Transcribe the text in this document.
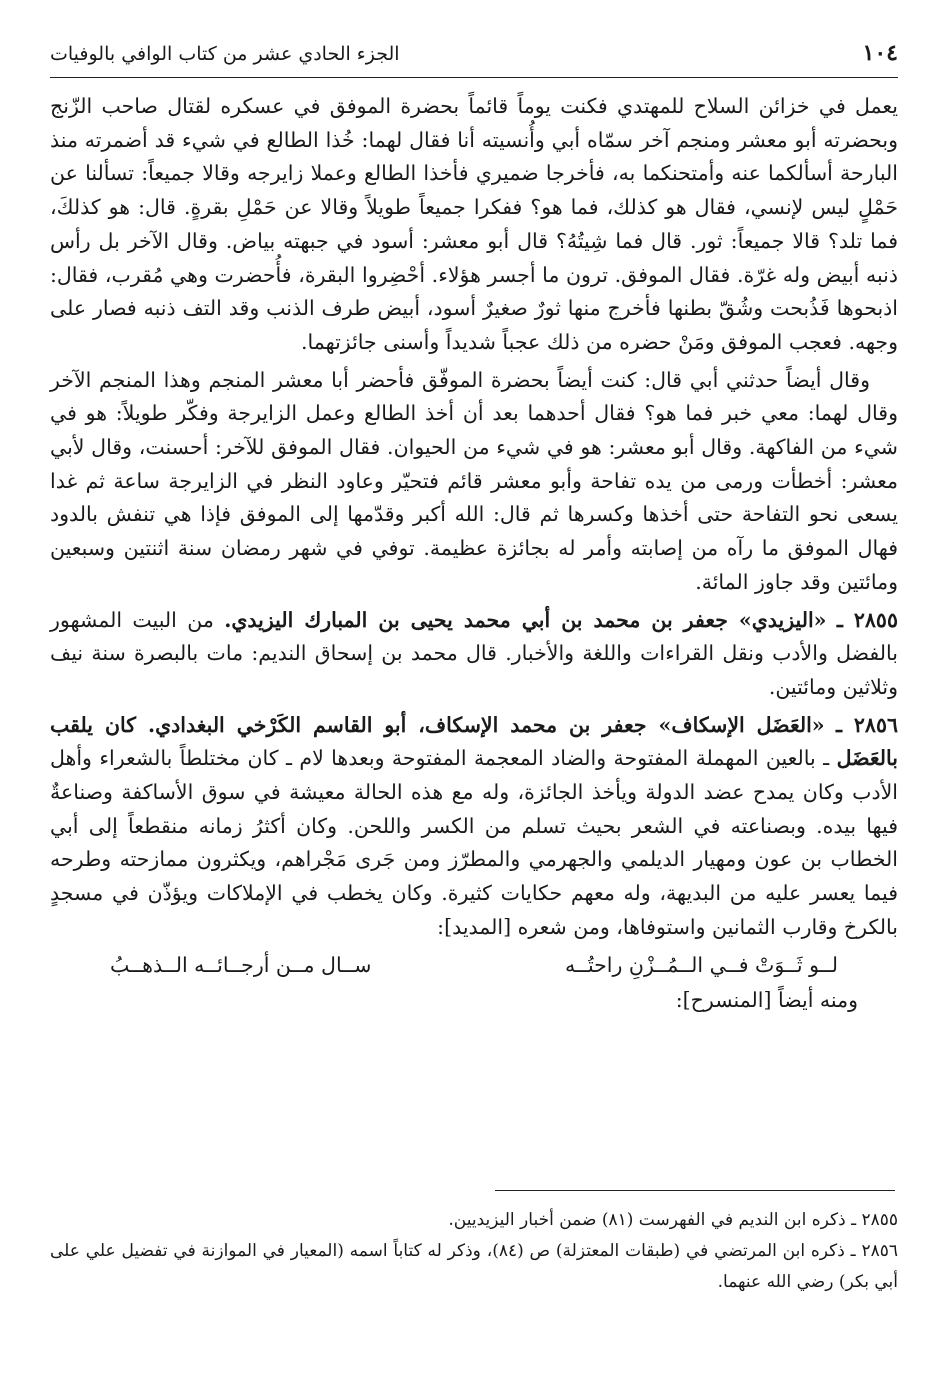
١٠٤
الجزء الحادي عشر من كتاب الوافي بالوفيات

يعمل في خزائن السلاح للمهتدي فكنت يوماً قائماً بحضرة الموفق في عسكره لقتال صاحب الزّنج وبحضرته أبو معشر ومنجم آخر سمّاه أبي وأُنسيته أنا فقال لهما: خُذا الطالع في شيء قد أضمرته منذ البارحة أسألكما عنه وأمتحنكما به، فأخرجا ضميري فأخذا الطالع وعملا زايرجه وقالا جميعاً: تسألنا عن حَمْلٍ ليس لإنسي، فقال هو كذلك، فما هو؟ ففكرا جميعاً طويلاً وقالا عن حَمْلِ بقرةٍ. قال: هو كذلكَ، فما تلد؟ قالا جميعاً: ثور. قال فما شِيتُهُ؟ قال أبو معشر: أسود في جبهته بياض. وقال الآخر بل رأس ذنبه أبيض وله غرّة. فقال الموفق. ترون ما أجسر هؤلاء. أحْضِروا البقرة، فأُحضرت وهي مُقرب، فقال: اذبحوها فَذُبحت وشُقّ بطنها فأخرج منها ثورٌ صغيرٌ أسود، أبيض طرف الذنب وقد التف ذنبه فصار على وجهه. فعجب الموفق ومَنْ حضره من ذلك عجباً شديداً وأسنى جائزتهما.

وقال أيضاً حدثني أبي قال: كنت أيضاً بحضرة الموفّق فأحضر أبا معشر المنجم وهذا المنجم الآخر وقال لهما: معي خبر فما هو؟ فقال أحدهما بعد أن أخذ الطالع وعمل الزايرجة وفكّر طويلاً: هو في شيء من الفاكهة. وقال أبو معشر: هو في شيء من الحيوان. فقال الموفق للآخر: أحسنت، وقال لأبي معشر: أخطأت ورمى من يده تفاحة وأبو معشر قائم فتحيّر وعاود النظر في الزايرجة ساعة ثم غدا يسعى نحو التفاحة حتى أخذها وكسرها ثم قال: الله أكبر وقدّمها إلى الموفق فإذا هي تنفش بالدود فهال الموفق ما رآه من إصابته وأمر له بجائزة عظيمة. توفي في شهر رمضان سنة اثنتين وسبعين ومائتين وقد جاوز المائة.

٢٨٥٥ ـ «اليزيدي» جعفر بن محمد بن أبي محمد يحيى بن المبارك اليزيدي. من البيت المشهور بالفضل والأدب ونقل القراءات واللغة والأخبار. قال محمد بن إسحاق النديم: مات بالبصرة سنة نيف وثلاثين ومائتين.

٢٨٥٦ ـ «العَضَل الإسكاف» جعفر بن محمد الإسكاف، أبو القاسم الكَرْخي البغدادي. كان يلقب بالعَضَل ـ بالعين المهملة المفتوحة والضاد المعجمة المفتوحة وبعدها لام ـ كان مختلطاً بالشعراء وأهل الأدب وكان يمدح عضد الدولة ويأخذ الجائزة، وله مع هذه الحالة معيشة في سوق الأساكفة وصناعةٌ فيها بيده. وبصناعته في الشعر بحيث تسلم من الكسر واللحن. وكان أكثرُ زمانه منقطعاً إلى أبي الخطاب بن عون ومهيار الديلمي والجهرمي والمطرّز ومن جَرى مَجْراهم، ويكثرون ممازحته وطرحه فيما يعسر عليه من البديهة، وله معهم حكايات كثيرة. وكان يخطب في الإملاكات ويؤذّن في مسجدٍ بالكرخ وقارب الثمانين واستوفاها، ومن شعره [المديد]:

لــو ثَــوَتْ فــي الــمُــزْنِ راحتُــه
ســال مــن أرجــائــه الــذهــبُ

ومنه أيضاً [المنسرح]:

٢٨٥٥ ـ ذكره ابن النديم في الفهرست (٨١) ضمن أخبار اليزيديين.

٢٨٥٦ ـ ذكره ابن المرتضي في (طبقات المعتزلة) ص (٨٤)، وذكر له كتاباً اسمه (المعيار في الموازنة في تفضيل علي على أبي بكر) رضي الله عنهما.
